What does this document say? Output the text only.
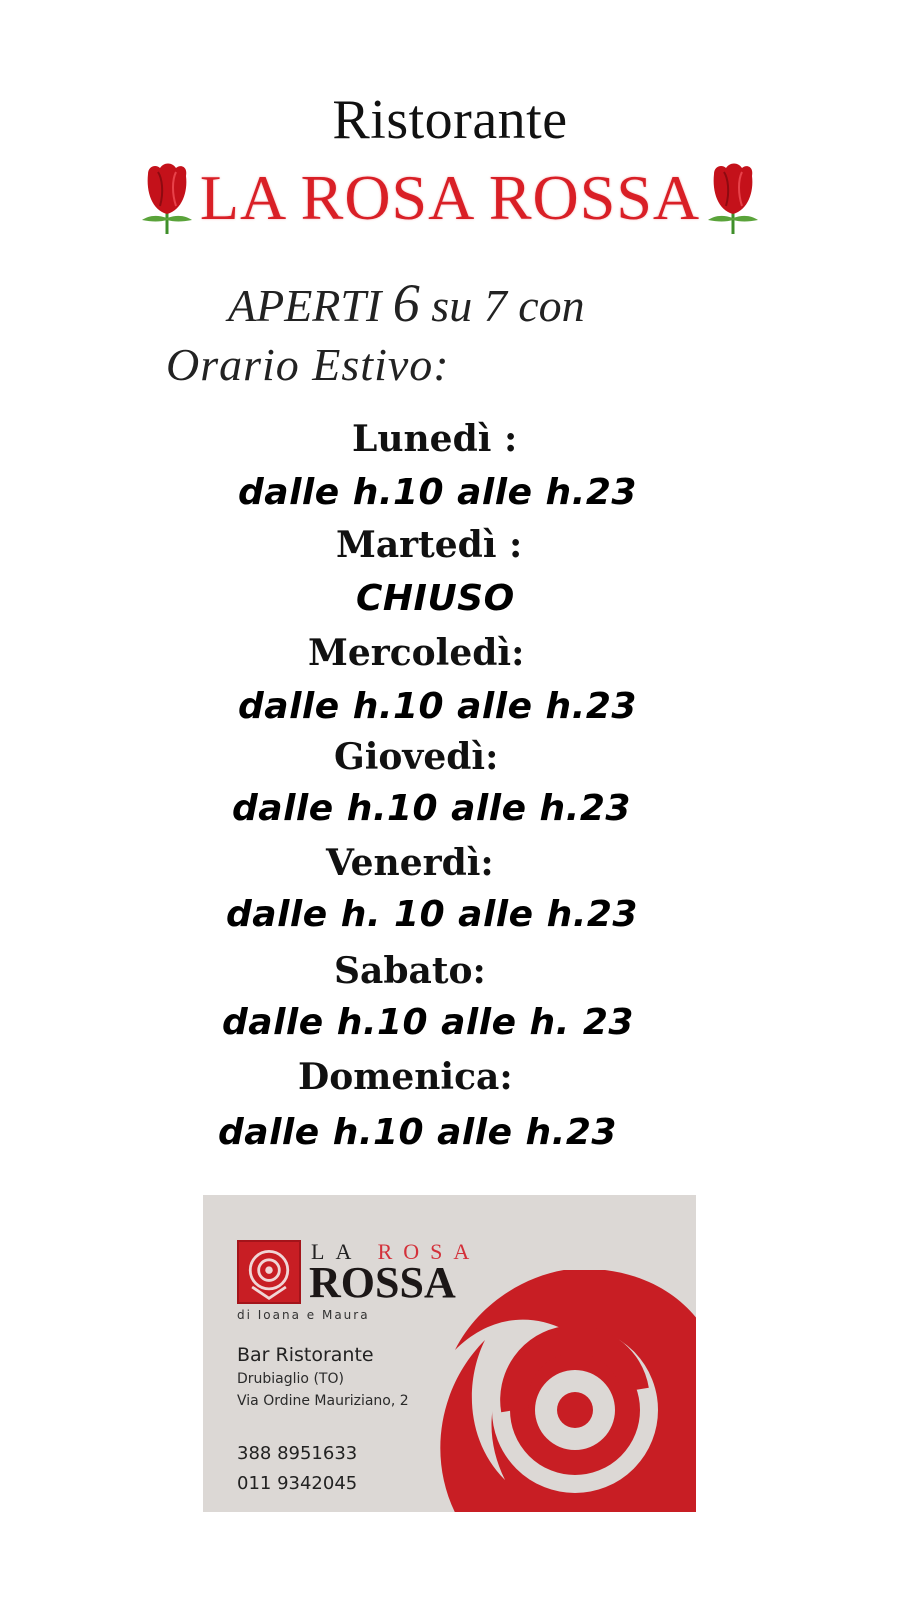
Ristorante
LA ROSA ROSSA
APERTI 6 su 7 con
Orario Estivo:
Lunedì :
dalle h.10 alle h.23
Martedì :
CHIUSO
Mercoledì:
dalle h.10 alle h.23
Giovedì:
dalle h.10 alle h.23
Venerdì:
dalle h. 10 alle h.23
Sabato:
dalle h.10 alle h. 23
Domenica:
dalle h.10 alle h.23
LA ROSA
ROSSA
di Ioana e Maura
Bar Ristorante
Drubiaglio (TO)
Via Ordine Mauriziano, 2
388 8951633
011 9342045
